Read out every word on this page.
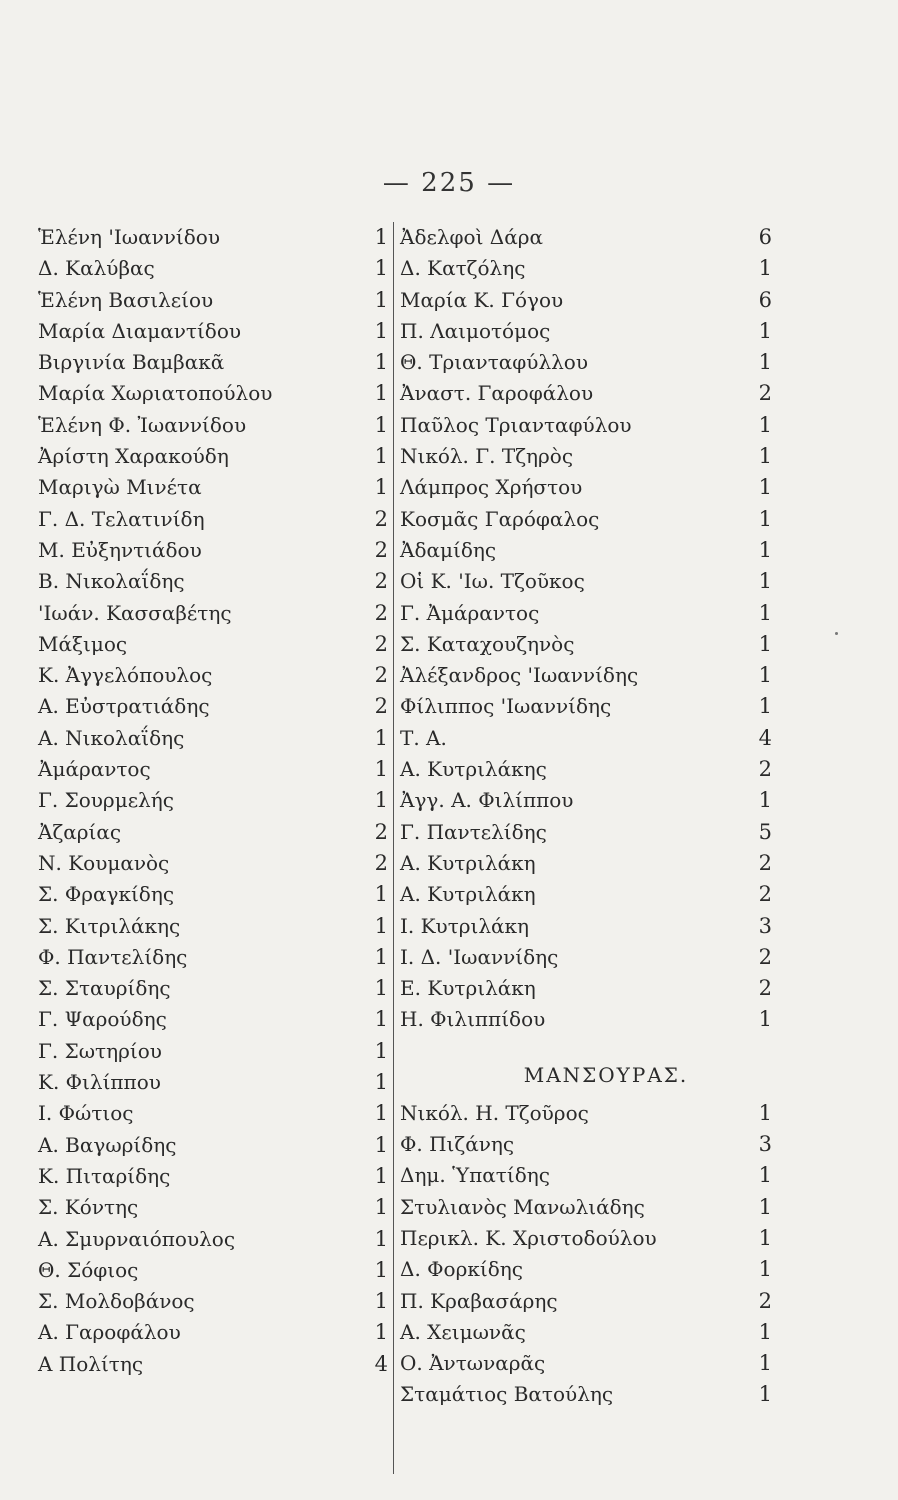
— 225 —
Ἑλένη 'Ιωαννίδου	1
Δ. Καλύβας	1
Ἑλένη Βασιλείου	1
Μαρία Διαμαντίδου	1
Βιργινία Βαμβακᾶ	1
Μαρία Χωριατοπούλου	1
Ἑλένη Φ. Ἰωαννίδου	1
Ἀρίστη Χαρακούδη	1
Μαριγὼ Μινέτα	1
Γ. Δ. Τελατινίδη	2
Μ. Εὐξηντιάδου	2
Β. Νικολαΐδης	2
'Ιωάν. Κασσαβέτης	2
Μάξιμος	2
Κ. Ἀγγελόπουλος	2
Α. Εὐστρατιάδης	2
Α. Νικολαΐδης	1
Ἀμάραντος	1
Γ. Σουρμελής	1
Ἀζαρίας	2
Ν. Κουμανὸς	2
Σ. Φραγκίδης	1
Σ. Κιτριλάκης	1
Φ. Παντελίδης	1
Σ. Σταυρίδης	1
Γ. Ψαρούδης	1
Γ. Σωτηρίου	1
Κ. Φιλίππου	1
Ι. Φώτιος	1
Α. Βαγωρίδης	1
Κ. Πιταρίδης	1
Σ. Κόντης	1
Α. Σμυρναιόπουλος	1
Θ. Σόφιος	1
Σ. Μολδοβάνος	1
Α. Γαροφάλου	1
Α Πολίτης	4
Ἀδελφοὶ Δάρα	6
Δ. Κατζόλης	1
Μαρία Κ. Γόγου	6
Π. Λαιμοτόμος	1
Θ. Τριανταφύλλου	1
Ἀναστ. Γαροφάλου	2
Παῦλος Τριανταφύλου	1
Νικόλ. Γ. Τζηρὸς	1
Λάμπρος Χρήστου	1
Κοσμᾶς Γαρόφαλος	1
Ἀδαμίδης	1
Οἱ Κ. 'Ιω. Τζοῦκος	1
Γ. Ἀμάραντος	1
Σ. Καταχουζηνὸς	1
Ἀλέξανδρος 'Ιωαννίδης	1
Φίλιππος 'Ιωαννίδης	1
Τ. Α.	4
Α. Κυτριλάκης	2
Ἀγγ. Α. Φιλίππου	1
Γ. Παντελίδης	5
Α. Κυτριλάκη	2
Α. Κυτριλάκη	2
Ι. Κυτριλάκη	3
Ι. Δ. 'Ιωαννίδης	2
Ε. Κυτριλάκη	2
Η. Φιλιππίδου	1
ΜΑΝΣΟΥΡΑΣ.
Νικόλ. Η. Τζοῦρος	1
Φ. Πιζάνης	3
Δημ. Ὑπατίδης	1
Στυλιανὸς Μανωλιάδης	1
Περικλ. Κ. Χριστοδούλου	1
Δ. Φορκίδης	1
Π. Κραβασάρης	2
Α. Χειμωνᾶς	1
Ο. Ἀντωναρᾶς	1
Σταμάτιος Βατούλης	1
